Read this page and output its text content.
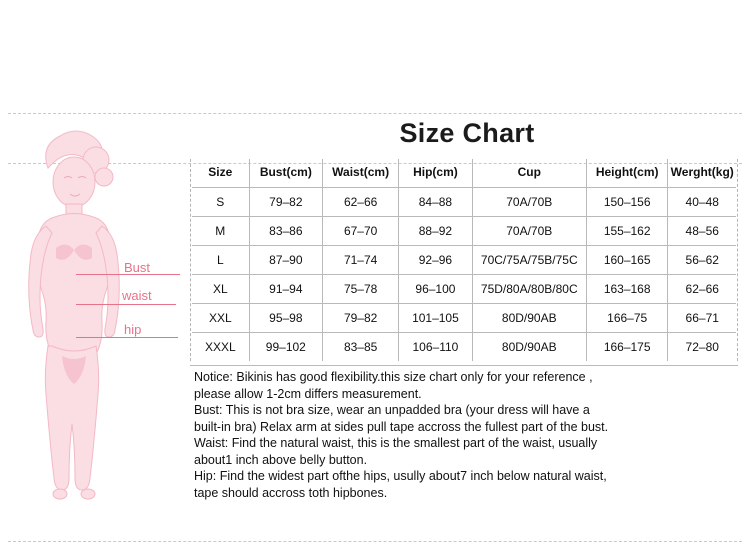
Bust
waist
hip
Size Chart
Size	Bust(cm)	Waist(cm)	Hip(cm)	Cup	Height(cm)	Werght(kg)
S	79–82	62–66	84–88	70A/70B	150–156	40–48
M	83–86	67–70	88–92	70A/70B	155–162	48–56
L	87–90	71–74	92–96	70C/75A/75B/75C	160–165	56–62
XL	91–94	75–78	96–100	75D/80A/80B/80C	163–168	62–66
XXL	95–98	79–82	101–105	80D/90AB	166–75	66–71
XXXL	99–102	83–85	106–110	80D/90AB	166–175	72–80

Notice: Bikinis has good flexibility.this size chart only for your reference ,

please allow 1-2cm differs measurement.

Bust: This is not bra size, wear an unpadded bra (your dress will have a

built-in bra) Relax arm at sides pull tape accross the fullest part of the bust.

Waist: Find the natural waist, this is the smallest part of the waist, usually

about1 inch above belly button.

Hip: Find the widest part ofthe hips, usully about7 inch below natural waist,

tape should accross toth hipbones.
